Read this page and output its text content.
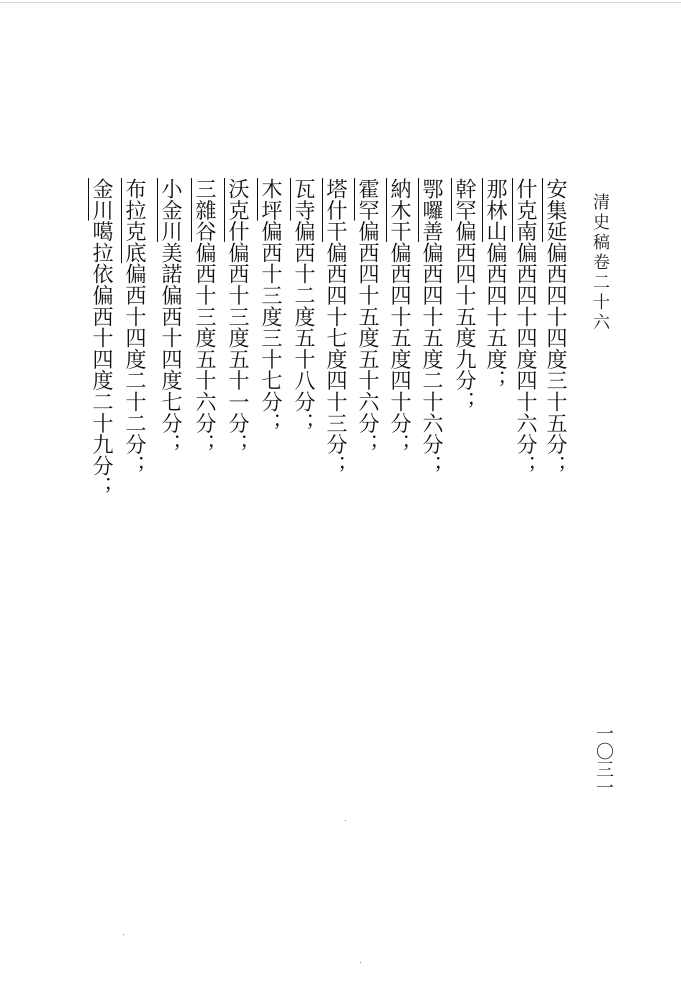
清史稿卷二十六
安集延偏西四十四度三十五分；
什克南偏西四十四度四十六分；
那林山偏西四十五度；
幹罕偏西四十五度九分；
鄂囉善偏西四十五度二十六分；
納木干偏西四十五度四十分；
霍罕偏西四十五度五十六分；
塔什干偏西四十七度四十三分；
瓦寺偏西十二度五十八分；
木坪偏西十三度三十七分；
沃克什偏西十三度五十一分；
三雜谷偏西十三度五十六分；
小金川美諾偏西十四度七分；
布拉克底偏西十四度二十二分；
金川噶拉依偏西十四度二十九分；
一〇三一
